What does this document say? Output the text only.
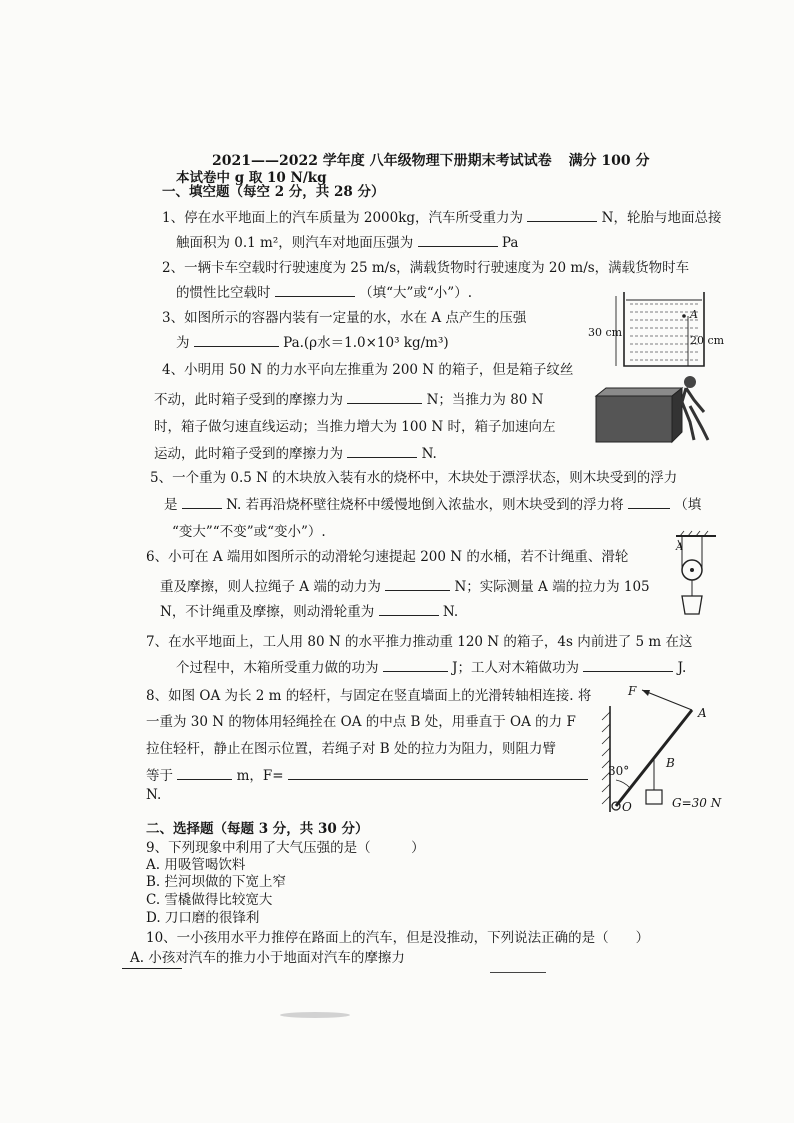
2021——2022 学年度 八年级物理下册期末考试试卷 满分 100 分
本试卷中 g 取 10 N/kg
一、填空题（每空 2 分，共 28 分）
1、停在水平地面上的汽车质量为 2000kg，汽车所受重力为	N，轮胎与地面总接
触面积为 0.1 m²，则汽车对地面压强为	Pa
2、一辆卡车空载时行驶速度为 25 m/s，满载货物时行驶速度为 20 m/s，满载货物时车
的惯性比空载时	（填“大”或“小”）.
3、如图所示的容器内装有一定量的水，水在 A 点产生的压强
为	Pa.(ρ水＝1.0×10³ kg/m³)
30 cm
20 cm
A
4、小明用 50 N 的力水平向左推重为 200 N 的箱子，但是箱子纹丝
不动，此时箱子受到的摩擦力为	N；当推力为 80 N
时，箱子做匀速直线运动；当推力增大为 100 N 时，箱子加速向左
运动，此时箱子受到的摩擦力为	N.
5、一个重为 0.5 N 的木块放入装有水的烧杯中，木块处于漂浮状态，则木块受到的浮力
是	N. 若再沿烧杯壁往烧杯中缓慢地倒入浓盐水，则木块受到的浮力将	（填
“变大”“不变”或“变小”）.
6、小可在 A 端用如图所示的动滑轮匀速提起 200 N 的水桶，若不计绳重、滑轮
重及摩擦，则人拉绳子 A 端的动力为	N；实际测量 A 端的拉力为 105
N，不计绳重及摩擦，则动滑轮重为	N.
A
7、在水平地面上，工人用 80 N 的水平推力推动重 120 N 的箱子，4s 内前进了 5 m 在这
个过程中，木箱所受重力做的功为	J；工人对木箱做功为	J.
8、如图 OA 为长 2 m 的轻杆，与固定在竖直墙面上的光滑转轴相连接. 将
一重为 30 N 的物体用轻绳拴在 OA 的中点 B 处，用垂直于 OA 的力 F
拉住轻杆，静止在图示位置，若绳子对 B 处的拉力为阻力，则阻力臂
等于	m，F=
N.
F
A
B
O
30°
G=30 N
二、选择题（每题 3 分，共 30 分）
9、下列现象中利用了大气压强的是（　　　）
A. 用吸管喝饮料
B. 拦河坝做的下宽上窄
C. 雪橇做得比较宽大
D. 刀口磨的很锋利
10、一小孩用水平力推停在路面上的汽车，但是没推动，下列说法正确的是（　　）
A. 小孩对汽车的推力小于地面对汽车的摩擦力
